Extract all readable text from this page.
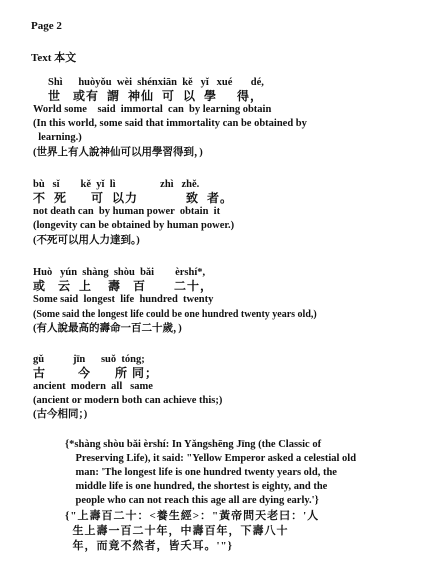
Page 2
Text 本文
Shì      huòyǒu  wèi  shénxiān  kě   yǐ   xué       dé,
世   或有  謂  神仙  可  以  學     得，
World some    said  immortal  can  by learning obtain
(In this world, some said that immortality can be obtained by
learning.)
(世界上有人說神仙可以用學習得到，)
bù   sǐ        kě  yǐ  lì                 zhì   zhě.
不  死      可  以力            致  者。
not death can  by human power  obtain  it
(longevity can be obtained by human power.)
(不死可以用人力達到。)
Huò   yún  shàng  shòu  bǎi        èrshí*,
或   云  上    壽   百       二十，
Some said  longest  life  hundred  twenty
(Some said the longest life could be one hundred twenty years old,)
(有人說最高的壽命一百二十歲，)
gǔ           jīn      suǒ  tóng;
古        今      所 同；
ancient  modern  all   same
(ancient or modern both can achieve this;)
(古今相同；)
{*shàng shòu bǎi èrshí: In Yǎngshēng Jīng (the Classic of
Preserving Life), it said: "Yellow Emperor asked a celestial old
man: 'The longest life is one hundred twenty years old, the
middle life is one hundred, the shortest is eighty, and the
people who can not reach this age all are dying early.'}
{"上壽百二十：<養生經>："黃帝問天老曰：'人
生上壽一百二十年，中壽百年，下壽八十
年，而竟不然者，皆夭耳。'"}
